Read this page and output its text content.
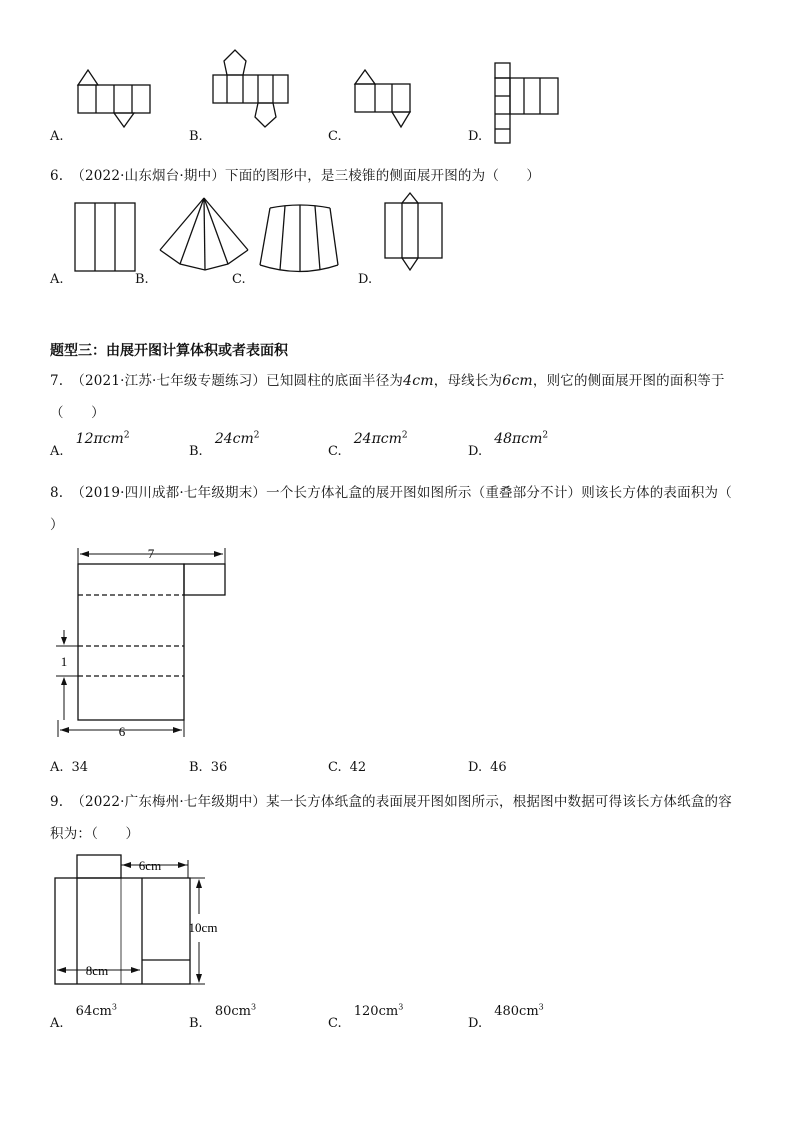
A.	B.	C.	D.
6. （2022·山东烟台·期中）下面的图形中，是三棱锥的侧面展开图的为（　　）
A.	B.	C.	D.
题型三：由展开图计算体积或者表面积
7. （2021·江苏·七年级专题练习）已知圆柱的底面半径为4cm，母线长为6cm，则它的侧面展开图的面积等于
（　　）
A. 12πcm$^2$
B. $24cm^2$
C. 24πcm$^2$
D. 48πcm$^2$
8. （2019·四川成都·七年级期末）一个长方体礼盒的展开图如图所示（重叠部分不计）则该长方体的表面积为（
）
7
1
6
A. 34	B. 36	C. 42	D. 46
9. （2022·广东梅州·七年级期中）某一长方体纸盒的表面展开图如图所示，根据图中数据可得该长方体纸盒的容
积为：（　　）
6cm
10cm
8cm
A. $64cm^3$
B. $80cm^3$
C. $120cm^3$
D. $480cm^3$
